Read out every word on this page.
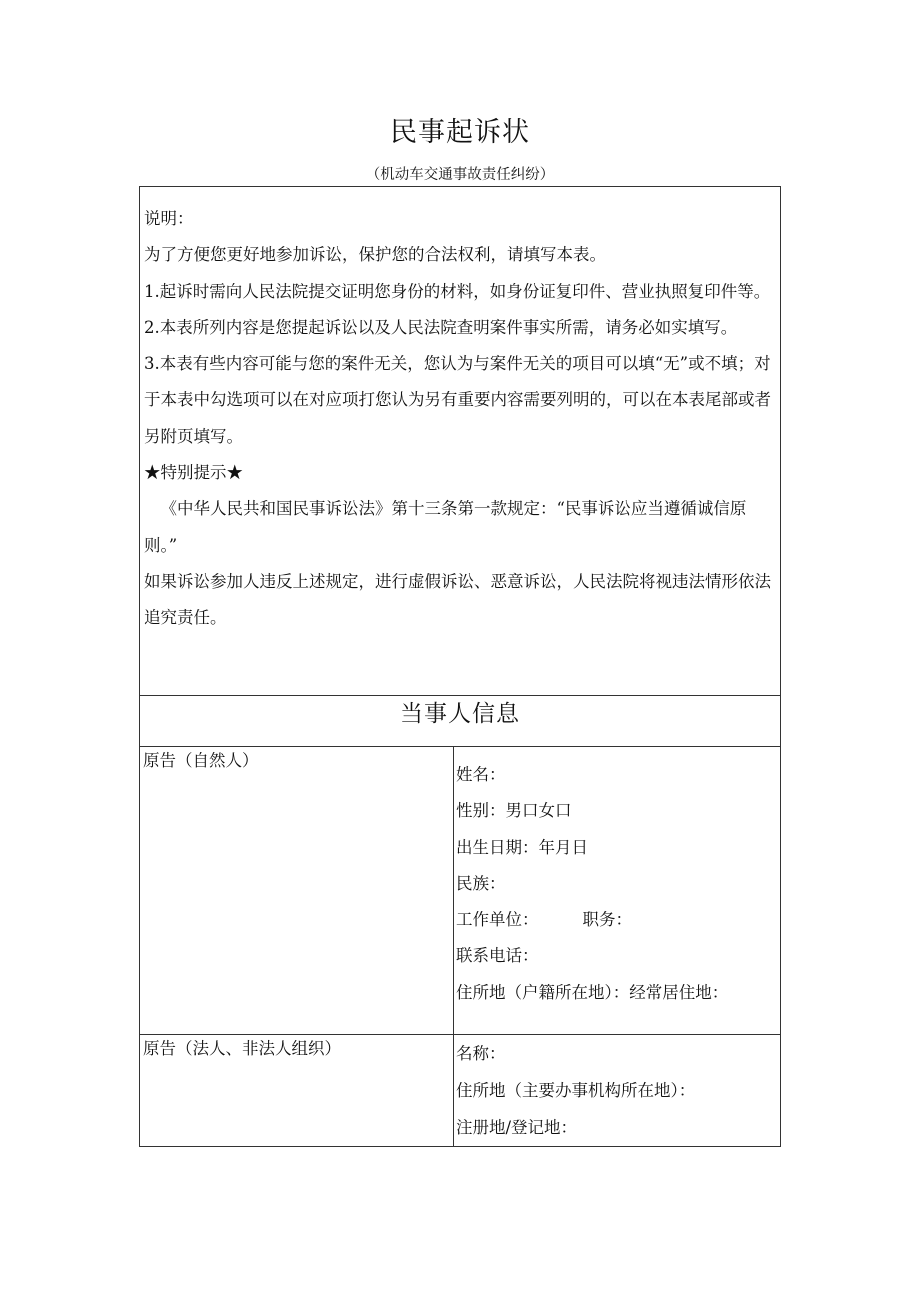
民事起诉状
（机动车交通事故责任纠纷）

说明：

为了方便您更好地参加诉讼，保护您的合法权利，请填写本表。

1.起诉时需向人民法院提交证明您身份的材料，如身份证复印件、营业执照复印件等。

2.本表所列内容是您提起诉讼以及人民法院查明案件事实所需，请务必如实填写。

3.本表有些内容可能与您的案件无关，您认为与案件无关的项目可以填“无”或不填；对于本表中勾选项可以在对应项打您认为另有重要内容需要列明的，可以在本表尾部或者另附页填写。

★特别提示★

《中华人民共和国民事诉讼法》第十三条第一款规定：“民事诉讼应当遵循诚信原则。”

如果诉讼参加人违反上述规定，进行虚假诉讼、恶意诉讼，人民法院将视违法情形依法追究责任。

当事人信息
原告（自然人）
姓名：
性别：男口女口
出生日期：年月日
民族：
工作单位：	职务：
联系电话：
住所地（户籍所在地）：经常居住地：
原告（法人、非法人组织）	名称：
住所地（主要办事机构所在地）：
注册地/登记地：
